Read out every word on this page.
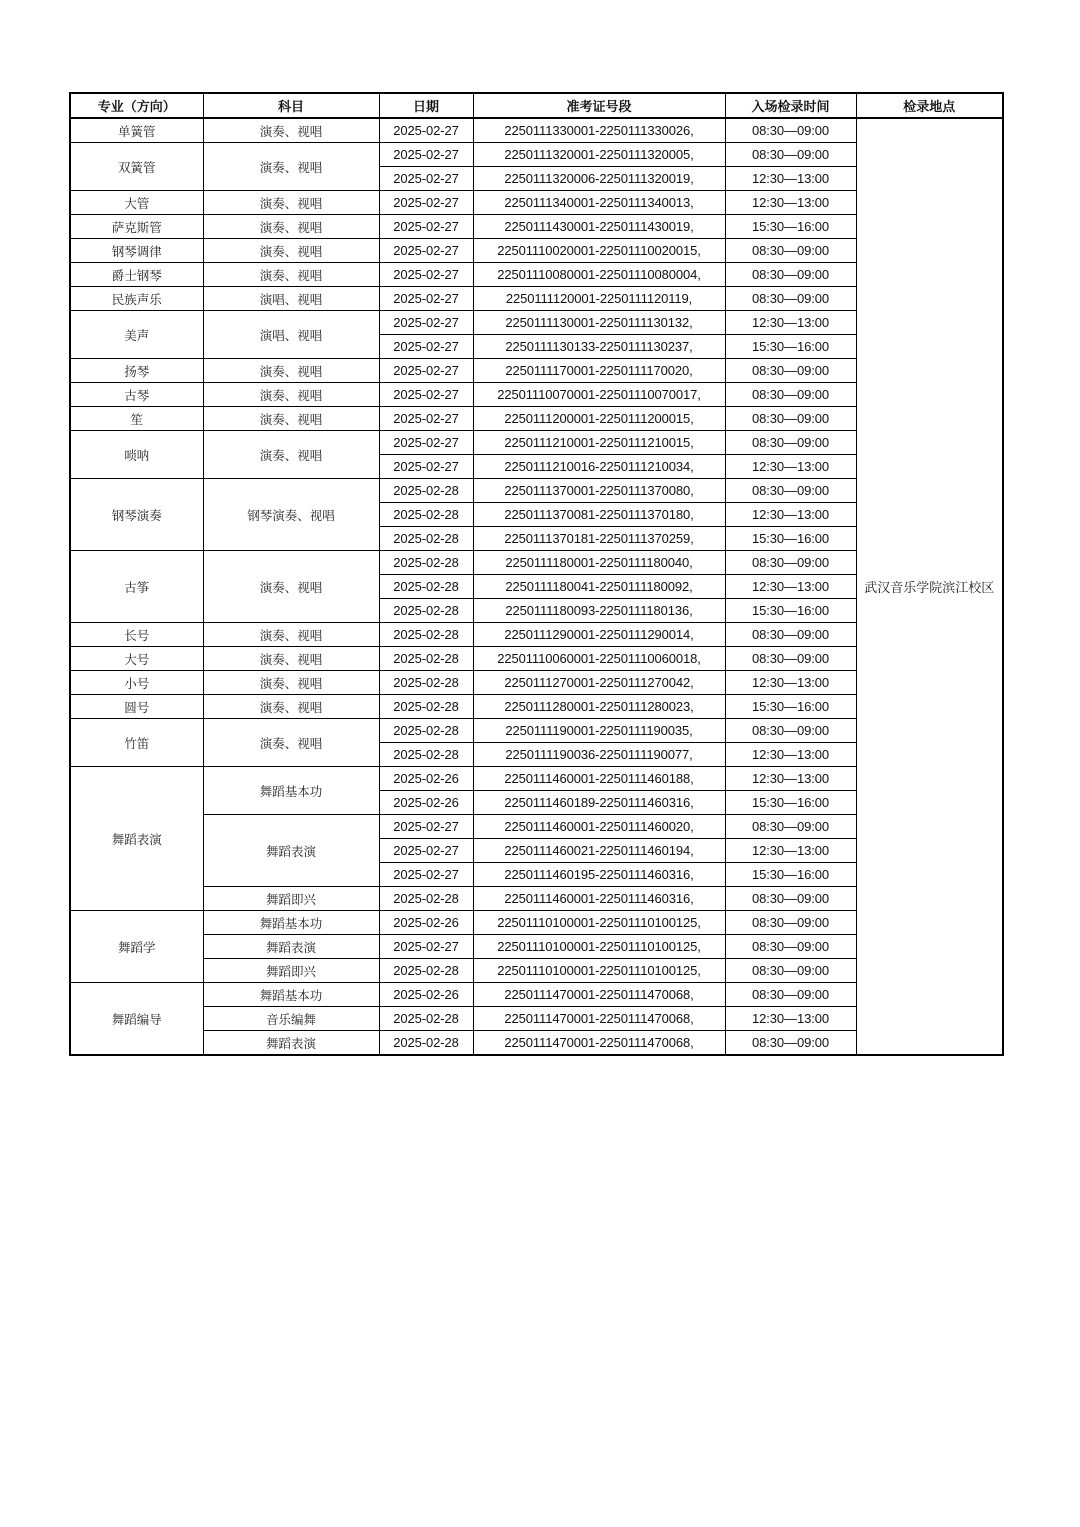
专业（方向）	科目	日期	准考证号段	入场检录时间	检录地点
单簧管	演奏、视唱	2025-02-27	2250111330001-2250111330026,	08:30—09:00	武汉音乐学院滨江校区
双簧管	演奏、视唱	2025-02-27	2250111320001-2250111320005,	08:30—09:00	
		2025-02-27	2250111320006-2250111320019,	12:30—13:00	
大管	演奏、视唱	2025-02-27	2250111340001-2250111340013,	12:30—13:00	
萨克斯管	演奏、视唱	2025-02-27	2250111430001-2250111430019,	15:30—16:00	
钢琴调律	演奏、视唱	2025-02-27	22501110020001-22501110020015,	08:30—09:00	
爵士钢琴	演奏、视唱	2025-02-27	22501110080001-22501110080004,	08:30—09:00	
民族声乐	演唱、视唱	2025-02-27	2250111120001-2250111120119,	08:30—09:00	
美声	演唱、视唱	2025-02-27	2250111130001-2250111130132,	12:30—13:00	
		2025-02-27	2250111130133-2250111130237,	15:30—16:00	
扬琴	演奏、视唱	2025-02-27	2250111170001-2250111170020,	08:30—09:00	
古琴	演奏、视唱	2025-02-27	22501110070001-22501110070017,	08:30—09:00	
笙	演奏、视唱	2025-02-27	2250111200001-2250111200015,	08:30—09:00	
唢呐	演奏、视唱	2025-02-27	2250111210001-2250111210015,	08:30—09:00	
		2025-02-27	2250111210016-2250111210034,	12:30—13:00	
钢琴演奏	钢琴演奏、视唱	2025-02-28	2250111370001-2250111370080,	08:30—09:00	
		2025-02-28	2250111370081-2250111370180,	12:30—13:00	
		2025-02-28	2250111370181-2250111370259,	15:30—16:00	
古筝	演奏、视唱	2025-02-28	2250111180001-2250111180040,	08:30—09:00	
		2025-02-28	2250111180041-2250111180092,	12:30—13:00	
		2025-02-28	2250111180093-2250111180136,	15:30—16:00	
长号	演奏、视唱	2025-02-28	2250111290001-2250111290014,	08:30—09:00	
大号	演奏、视唱	2025-02-28	22501110060001-22501110060018,	08:30—09:00	
小号	演奏、视唱	2025-02-28	2250111270001-2250111270042,	12:30—13:00	
圆号	演奏、视唱	2025-02-28	2250111280001-2250111280023,	15:30—16:00	
竹笛	演奏、视唱	2025-02-28	2250111190001-2250111190035,	08:30—09:00	
		2025-02-28	2250111190036-2250111190077,	12:30—13:00	
舞蹈表演	舞蹈基本功	2025-02-26	2250111460001-2250111460188,	12:30—13:00	
		2025-02-26	2250111460189-2250111460316,	15:30—16:00	
	舞蹈表演	2025-02-27	2250111460001-2250111460020,	08:30—09:00	
		2025-02-27	2250111460021-2250111460194,	12:30—13:00	
		2025-02-27	2250111460195-2250111460316,	15:30—16:00	
	舞蹈即兴	2025-02-28	2250111460001-2250111460316,	08:30—09:00	
舞蹈学	舞蹈基本功	2025-02-26	22501110100001-22501110100125,	08:30—09:00	
	舞蹈表演	2025-02-27	22501110100001-22501110100125,	08:30—09:00	
	舞蹈即兴	2025-02-28	22501110100001-22501110100125,	08:30—09:00	
舞蹈编导	舞蹈基本功	2025-02-26	2250111470001-2250111470068,	08:30—09:00	
	音乐编舞	2025-02-28	2250111470001-2250111470068,	12:30—13:00	
	舞蹈表演	2025-02-28	2250111470001-2250111470068,	08:30—09:00	
